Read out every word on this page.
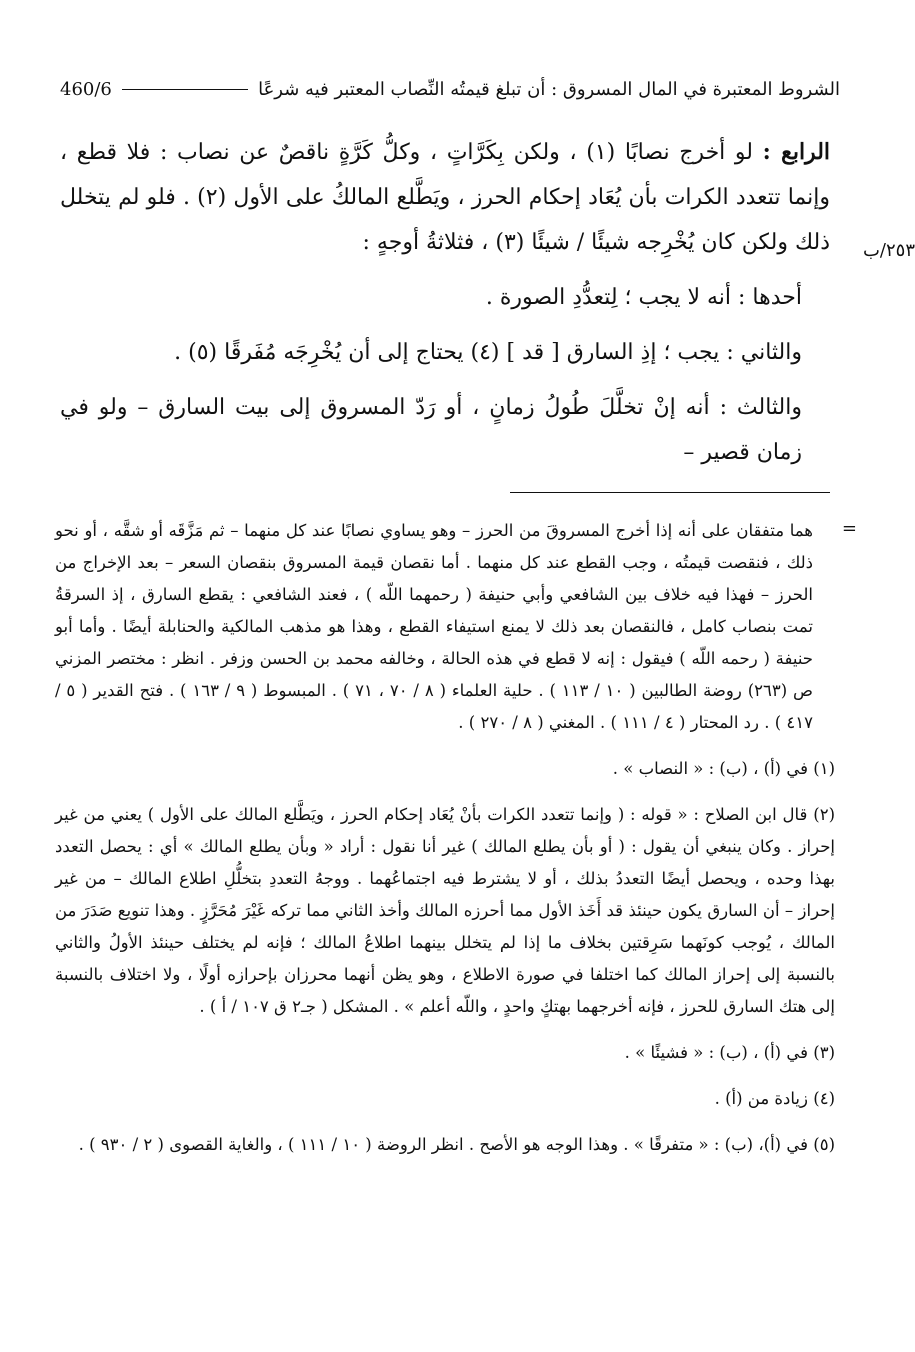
الشروط المعتبرة في المال المسروق : أن تبلغ قيمتُه النِّصاب المعتبر فيه شرعًا
460/6
٢٥٣/ب

الرابع : لو أخرج نصابًا (١) ، ولكن بِكَرَّاتٍ ، وكلُّ كَرَّةٍ ناقصٌ عن نصاب : فلا قطع ، وإنما تتعدد الكرات بأن يُعَاد إحكام الحرز ، ويَطَّلع المالكُ على الأول (٢) . فلو لم يتخلل ذلك ولكن كان يُخْرِجه شيئًا / شيئًا (٣) ، فثلاثةُ أوجهٍ :

أحدها : أنه لا يجب ؛ لِتعدُّدِ الصورة .

والثاني : يجب ؛ إذِ السارق [ قد ] (٤) يحتاج إلى أن يُخْرِجَه مُفَرقًا (٥) .

والثالث : أنه إنْ تخلَّلَ طُولُ زمانٍ ، أو رَدّ المسروق إلى بيت السارق – ولو في زمان قصير –

=

هما متفقان على أنه إذا أخرج المسروقَ من الحرز – وهو يساوي نصابًا عند كل منهما – ثم مَزَّقَه أو شقَّه ، أو نحو ذلك ، فنقصت قيمتُه ، وجب القطع عند كل منهما . أما نقصان قيمة المسروق بنقصان السعر – بعد الإخراج من الحرز – فهذا فيه خلاف بين الشافعي وأبي حنيفة ( رحمهما اللّه ) ، فعند الشافعي : يقطع السارق ، إذ السرقةُ تمت بنصاب كامل ، فالنقصان بعد ذلك لا يمنع استيفاء القطع ، وهذا هو مذهب المالكية والحنابلة أيضًا . وأما أبو حنيفة ( رحمه اللّه ) فيقول : إنه لا قطع في هذه الحالة ، وخالفه محمد بن الحسن وزفر . انظر : مختصر المزني ص (٢٦٣) روضة الطالبين ( ١٠ / ١١٣ ) . حلية العلماء ( ٨ / ٧٠ ، ٧١ ) . المبسوط ( ٩ / ١٦٣ ) . فتح القدير ( ٥ / ٤١٧ ) . رد المحتار ( ٤ / ١١١ ) . المغني ( ٨ / ٢٧٠ ) .

(١) في (أ) ، (ب) : « النصاب » .

(٢) قال ابن الصلاح : « قوله : ( وإنما تتعدد الكرات بأنْ يُعَاد إحكام الحرز ، ويَطَّلع المالك على الأول ) يعني من غير إحراز . وكان ينبغي أن يقول : ( أو بأن يطلع المالك ) غير أنا نقول : أراد « وبأن يطلع المالك » أي : يحصل التعدد بهذا وحده ، ويحصل أيضًا التعددُ بذلك ، أو لا يشترط فيه اجتماعُهما . ووجهُ التعددِ بتخلُّلِ اطلاع المالك – من غير إحراز – أن السارق يكون حينئذ قد أَخَذ الأول مما أحرزه المالك وأخذ الثاني مما تركه غَيْرَ مُحَرَّزٍ . وهذا تنويع صَدَرَ من المالك ، يُوجب كونَهما سَرِقتين بخلاف ما إذا لم يتخلل بينهما اطلاعُ المالك ؛ فإنه لم يختلف حينئذ الأولُ والثاني بالنسبة إلى إحراز المالك كما اختلفا في صورة الاطلاع ، وهو يظن أنهما محرزان بإحرازه أولًا ، ولا اختلاف بالنسبة إلى هتك السارق للحرز ، فإنه أخرجهما بهتكٍ واحدٍ ، واللّه أعلم » . المشكل ( جـ٢ ق ١٠٧ / أ ) .

(٣) في (أ) ، (ب) : « فشيئًا » .

(٤) زيادة من (أ) .

(٥) في (أ)، (ب) : « متفرقًا » . وهذا الوجه هو الأصح . انظر الروضة ( ١٠ / ١١١ ) ، والغاية القصوى ( ٢ / ٩٣٠ ) .
